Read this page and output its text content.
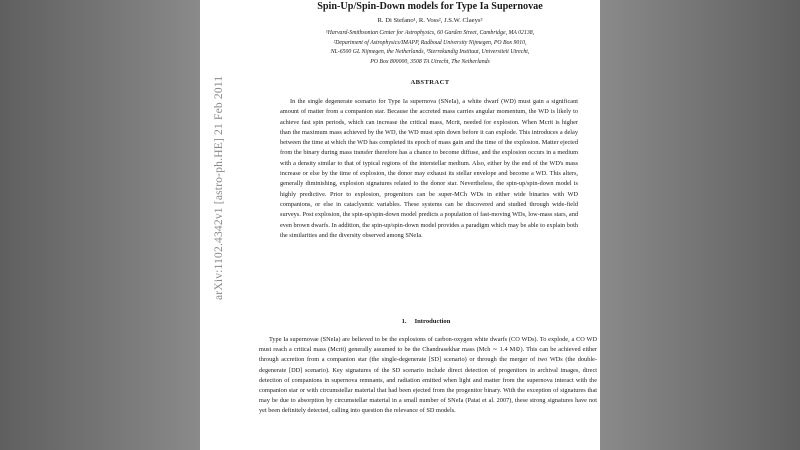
arXiv:1102.4342v1 [astro-ph.HE] 21 Feb 2011
Spin-Up/Spin-Down models for Type Ia Supernovae
R. Di Stefano¹, R. Voss², J.S.W. Claeys³
¹Harvard-Smithsonian Center for Astrophysics, 60 Garden Street, Cambridge, MA 02138,
²Department of Astrophysics/IMAPP, Radboud University Nijmegen, PO Box 9010,
NL-6500 GL Nijmegen, the Netherlands, ³Sterrekundig Instituut, Universiteit Utrecht,
PO Box 800000, 3508 TA Utrecht, The Netherlands
ABSTRACT

In the single degenerate scenario for Type Ia supernova (SNeIa), a white dwarf (WD) must gain a significant amount of matter from a companion star. Because the accreted mass carries angular momentum, the WD is likely to achieve fast spin periods, which can increase the critical mass, Mcrit, needed for explosion. When Mcrit is higher than the maximum mass achieved by the WD, the WD must spin down before it can explode. This introduces a delay between the time at which the WD has completed its epoch of mass gain and the time of the explosion. Matter ejected from the binary during mass transfer therefore has a chance to become diffuse, and the explosion occurs in a medium with a density similar to that of typical regions of the interstellar medium. Also, either by the end of the WD's mass increase or else by the time of explosion, the donor may exhaust its stellar envelope and become a WD. This alters, generally diminishing, explosion signatures related to the donor star. Nevertheless, the spin-up/spin-down model is highly predictive. Prior to explosion, progenitors can be super-MCh WDs in either wide binaries with WD companions, or else in cataclysmic variables. These systems can be discovered and studied through wide-field surveys. Post explosion, the spin-up/spin-down model predicts a population of fast-moving WDs, low-mass stars, and even brown dwarfs. In addition, the spin-up/spin-down model provides a paradigm which may be able to explain both the similarities and the diversity observed among SNeIa.

1. Introduction

Type Ia supernovae (SNeIa) are believed to be the explosions of carbon-oxygen white dwarfs (CO WDs). To explode, a CO WD must reach a critical mass (Mcrit) generally assumed to be the Chandrasekhar mass (Mch ∼ 1.4 M⊙). This can be achieved either through accretion from a companion star (the single-degenerate [SD] scenario) or through the merger of two WDs (the double-degenerate [DD] scenario). Key signatures of the SD scenario include direct detection of progenitors in archival images, direct detection of companions in supernova remnants, and radiation emitted when light and matter from the supernova interact with the companion star or with circumstellar material that had been ejected from the progenitor binary. With the exception of signatures that may be due to absorption by circumstellar material in a small number of SNeIa (Patat et al. 2007), these strong signatures have not yet been definitely detected, calling into question the relevance of SD models.
